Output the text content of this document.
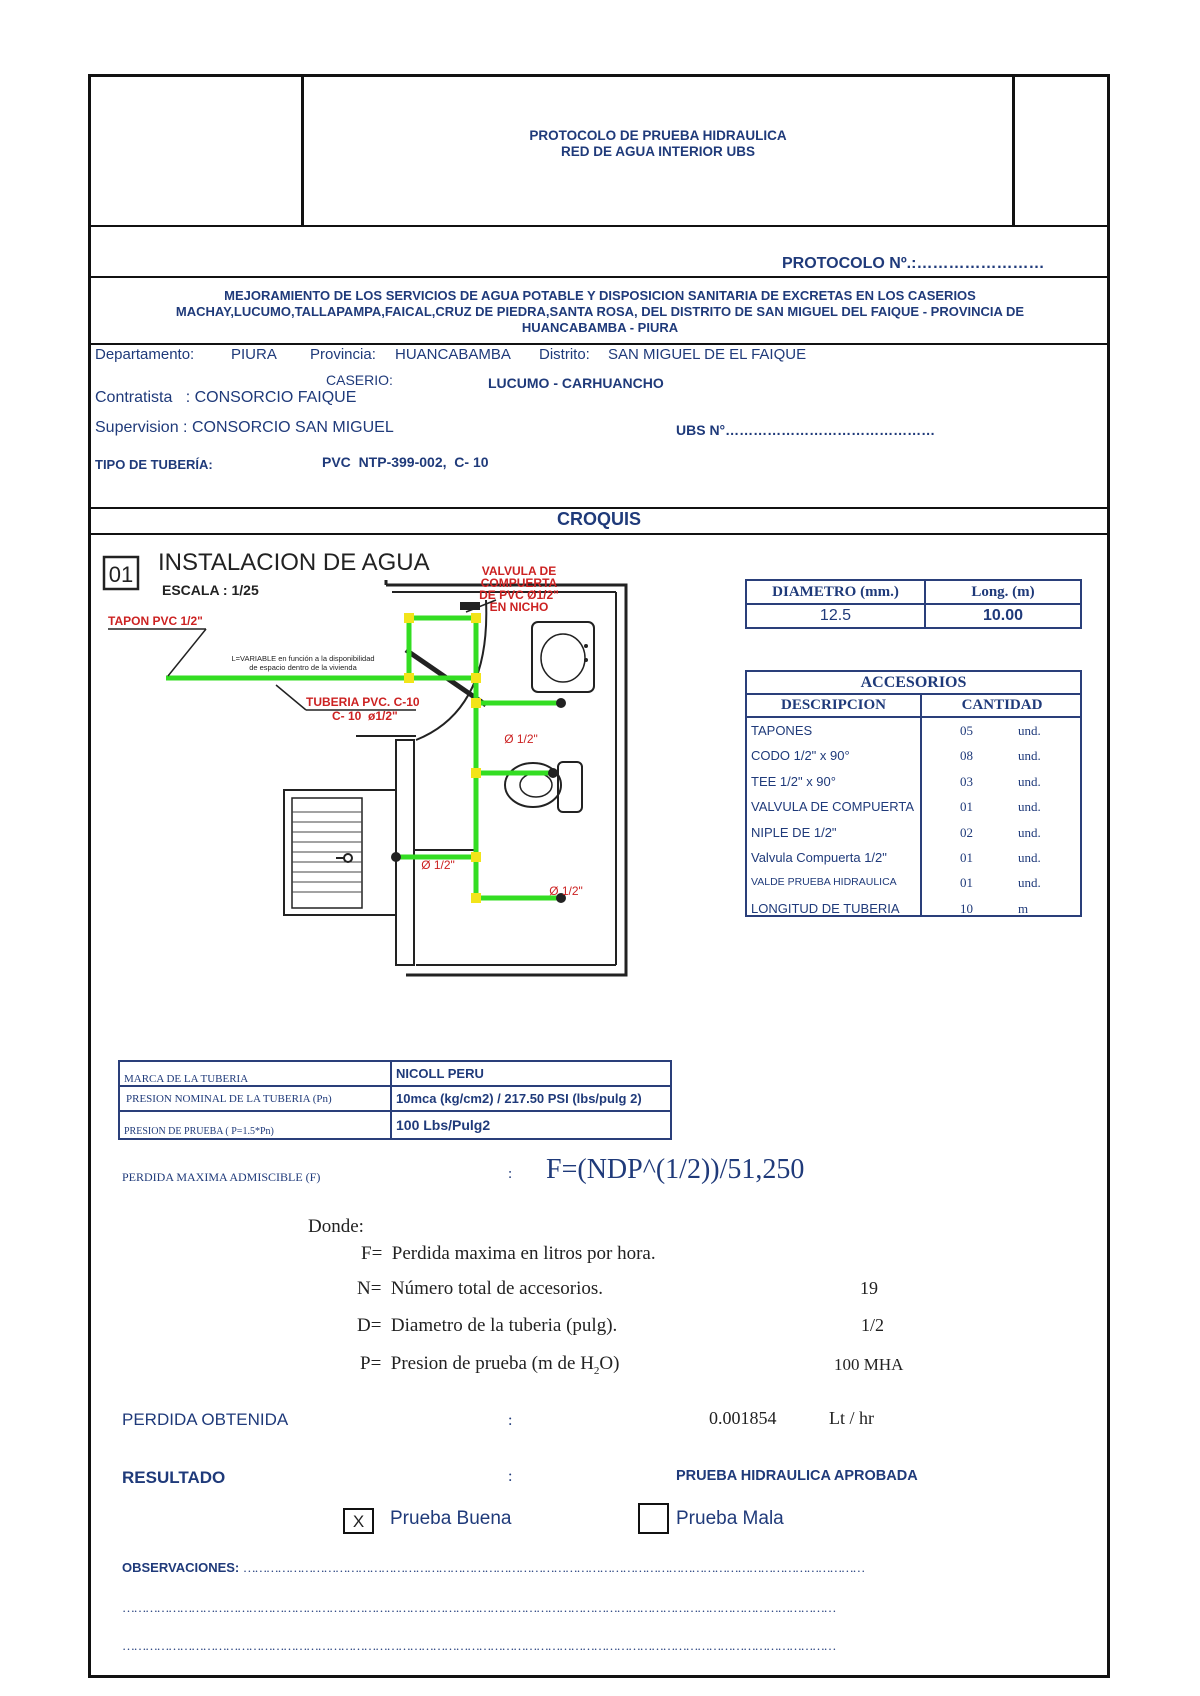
PROTOCOLO DE PRUEBA HIDRAULICA
RED DE AGUA INTERIOR UBS
PROTOCOLO Nº.:……………………
MEJORAMIENTO DE LOS SERVICIOS DE AGUA POTABLE Y DISPOSICION SANITARIA DE EXCRETAS EN LOS CASERIOS
MACHAY,LUCUMO,TALLAPAMPA,FAICAL,CRUZ DE PIEDRA,SANTA ROSA, DEL DISTRITO DE SAN MIGUEL DEL FAIQUE - PROVINCIA DE
HUANCABAMBA - PIURA
Departamento: PIURA Provincia: HUANCABAMBA Distrito: SAN MIGUEL DE EL FAIQUE
CASERIO:	LUCUMO - CARHUANCHO
Contratista   : CONSORCIO FAIQUE
Supervision : CONSORCIO SAN MIGUEL	UBS N°………………………………………
TIPO DE TUBERÍA:	PVC  NTP-399-002,  C- 10
CROQUIS
01 INSTALACION DE AGUA
ESCALA : 1/25
TAPON PVC 1/2"
VALVULA DE
COMPUERTA
DE PVC Ø1/2"
EN NICHO
L=VARIABLE en función a la disponibilidad
de espacio dentro de la vivienda
TUBERIA PVC. C-10
C- 10  ø1/2"
Ø 1/2"
Ø 1/2"
Ø 1/2"
DIAMETRO (mm.)	Long. (m)
12.5	10.00
ACCESORIOS
DESCRIPCION	CANTIDAD
TAPONES	05	und.
CODO 1/2" x 90°	08	und.
TEE 1/2" x 90°	03	und.
VALVULA DE COMPUERTA	01	und.
NIPLE DE 1/2"	02	und.
Valvula Compuerta 1/2"	01	und.
VALDE PRUEBA HIDRAULICA	01	und.
LONGITUD DE TUBERIA	10	m
MARCA DE LA TUBERIA	NICOLL PERU
PRESION NOMINAL DE LA TUBERIA (Pn)	10mca (kg/cm2) / 217.50 PSI (lbs/pulg 2)
PRESION DE PRUEBA ( P=1.5*Pn)	100 Lbs/Pulg2
PERDIDA MAXIMA ADMISCIBLE (F)	: F=(NDP^(1/2))/51,250
Donde:
F=  Perdida maxima en litros por hora.
N=  Número total de accesorios.	19
D=  Diametro de la tuberia (pulg).	1/2
P=  Presion de prueba (m de $H_2O$)	100 MHA
PERDIDA OBTENIDA	:	0.001854	Lt / hr
RESULTADO	:	PRUEBA HIDRAULICA APROBADA
X	Prueba Buena	Prueba Mala
OBSERVACIONES: ………………………………………………………………………………………………………………………………………………
……………………………………………………………………………………………………………………………………………………………………
……………………………………………………………………………………………………………………………………………………………………
